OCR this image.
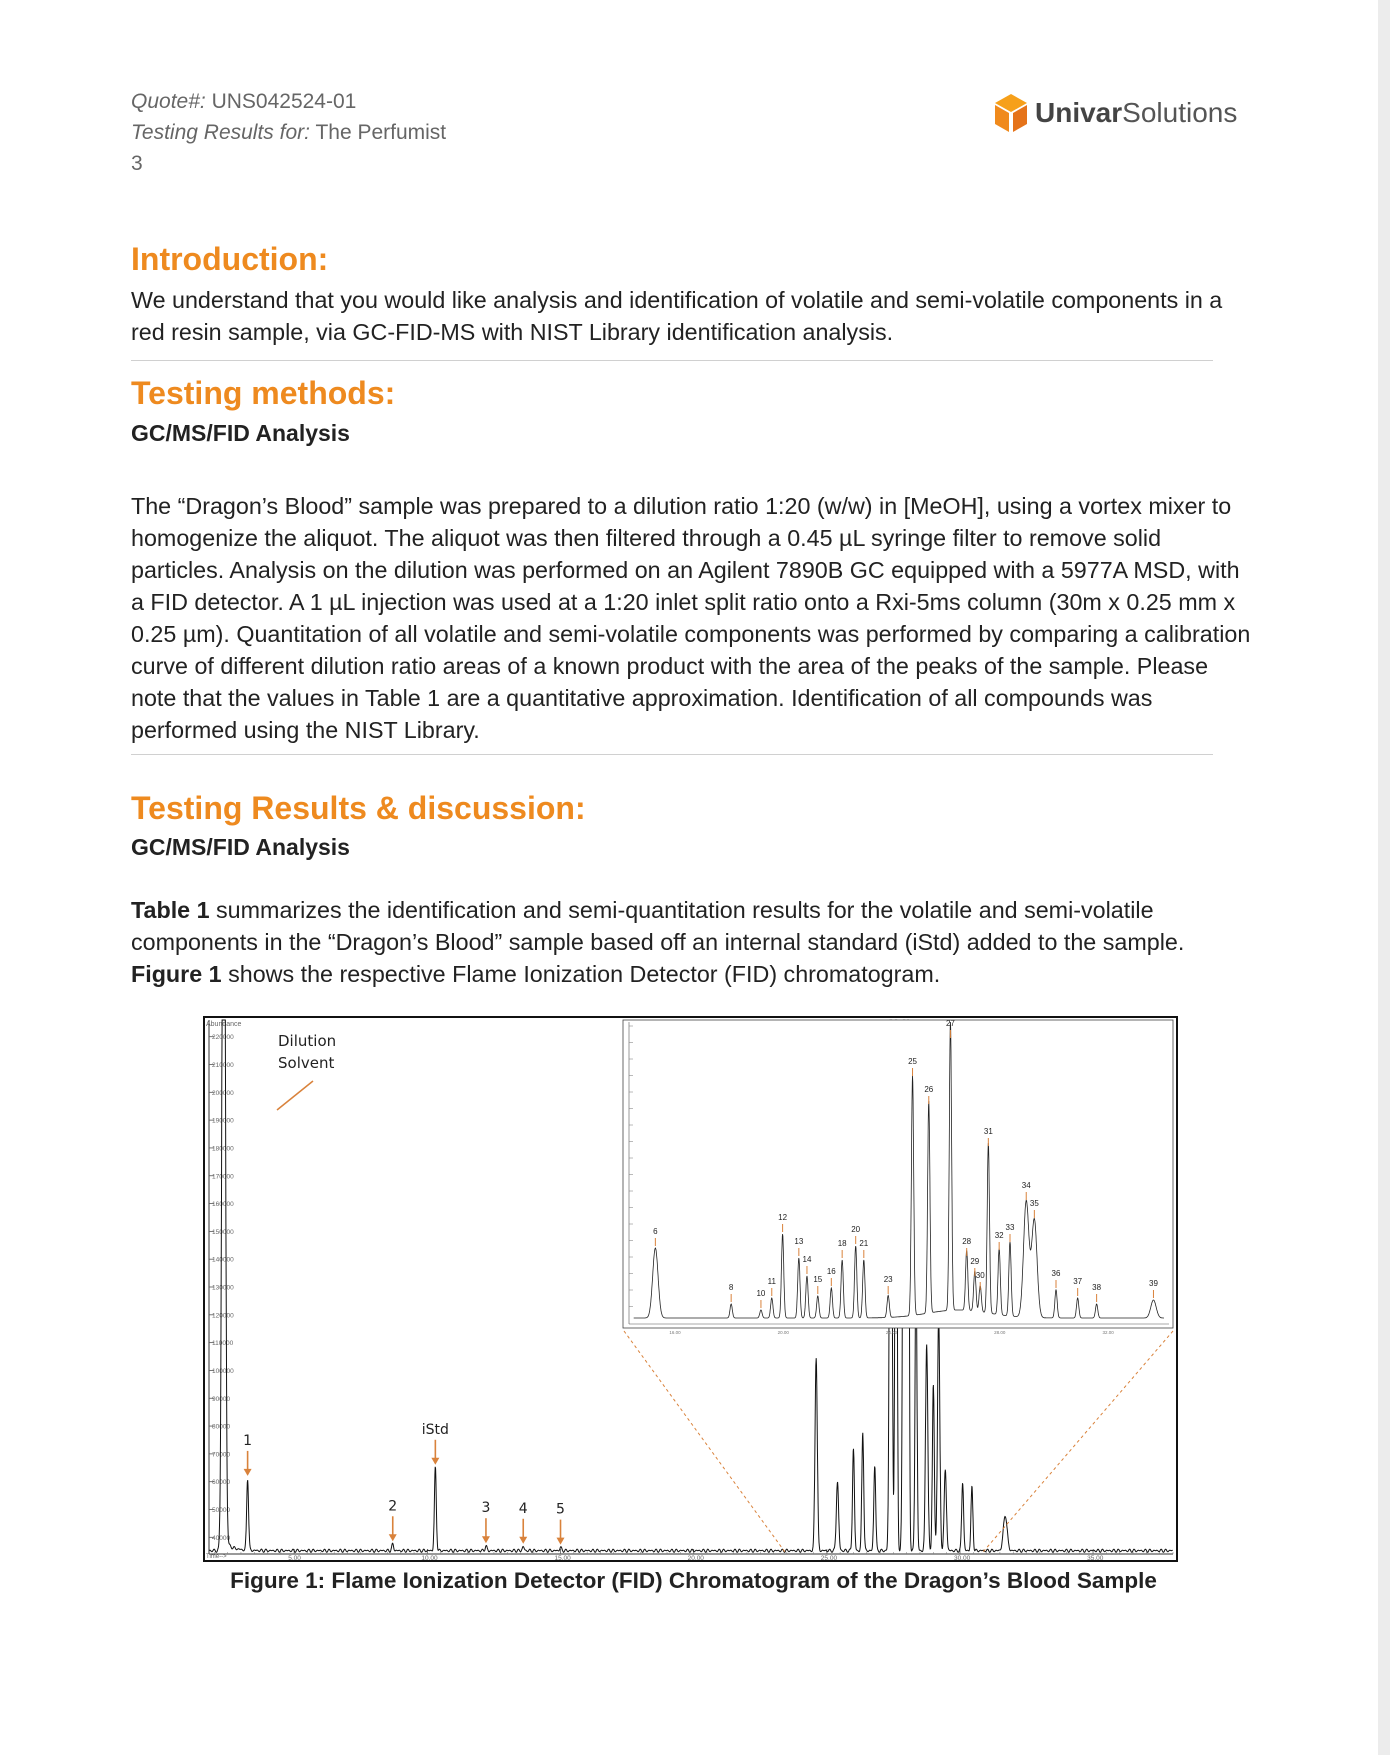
Quote#: UNS042524-01
Testing Results for: The Perfumist
3
UnivarSolutions
Introduction:
We understand that you would like analysis and identification of volatile and semi-volatile components in a red resin sample, via GC-FID-MS with NIST Library identification analysis.
Testing methods:
GC/MS/FID Analysis
The “Dragon’s Blood” sample was prepared to a dilution ratio 1:20 (w/w) in [MeOH], using a vortex mixer to homogenize the aliquot. The aliquot was then filtered through a 0.45 µL syringe filter to remove solid particles. Analysis on the dilution was performed on an Agilent 7890B GC equipped with a 5977A MSD, with a FID detector. A 1 µL injection was used at a 1:20 inlet split ratio onto a Rxi-5ms column (30m x 0.25 mm x 0.25 µm). Quantitation of all volatile and semi-volatile components was performed by comparing a calibration curve of different dilution ratio areas of a known product with the area of the peaks of the sample. Please note that the values in Table 1 are a quantitative approximation. Identification of all compounds was performed using the NIST Library.
Testing Results & discussion:
GC/MS/FID Analysis
Table 1 summarizes the identification and semi-quantitation results for the volatile and semi-volatile components in the “Dragon’s Blood” sample based off an internal standard (iStd) added to the sample.
Figure 1 shows the respective Flame Ionization Detector (FID) chromatogram.
Abundance
Time-->
220000
210000
200000
190000
180000
170000
160000
150000
140000
130000
120000
110000
100000
90000
80000
70000
60000
50000
40000
5.00	10.00	15.00	20.00	25.00	30.00	35.00
1
2
iStd
3 4 5
Dilution
Solvent
16.00	20.00	24.00	28.00	32.00
6
8
10
11
12
13
14
15
16
18
20
21
23
25
26
27
28
29
30
31
32
33
34
35
36
37
38	39
Figure 1: Flame Ionization Detector (FID) Chromatogram of the Dragon’s Blood Sample
